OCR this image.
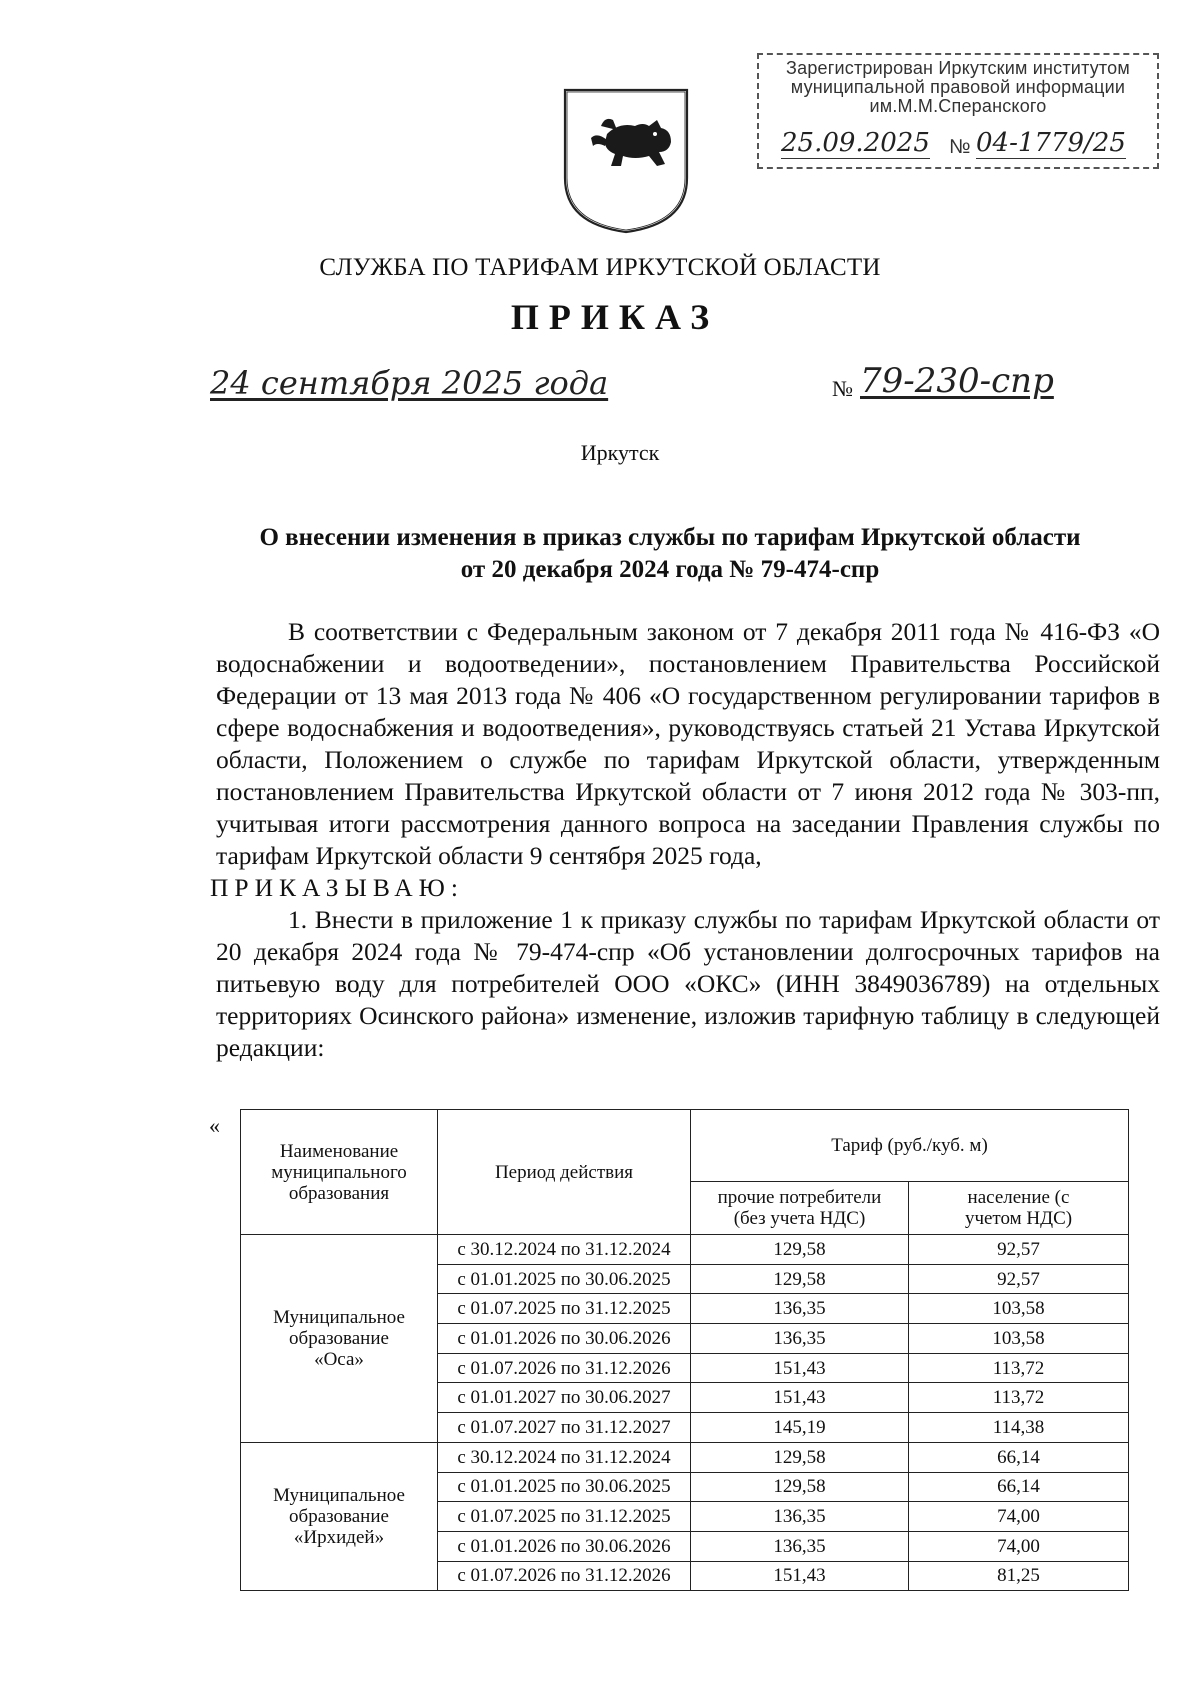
Зарегистрирован Иркутским институтом
муниципальной правовой информации
им.М.М.Сперанского
25.09.2025 № 04-1779/25
СЛУЖБА ПО ТАРИФАМ ИРКУТСКОЙ ОБЛАСТИ
ПРИКАЗ
24 сентября 2025 года	№ 79-230-спр
Иркутск
О внесении изменения в приказ службы по тарифам Иркутской области
от 20 декабря 2024 года № 79-474-спр

В соответствии с Федеральным законом от 7 декабря 2011 года № 416-ФЗ «О водоснабжении и водоотведении», постановлением Правительства Российской Федерации от 13 мая 2013 года № 406 «О государственном регулировании тарифов в сфере водоснабжения и водоотведения», руководствуясь статьей 21 Устава Иркутской области, Положением о службе по тарифам Иркутской области, утвержденным постановлением Правительства Иркутской области от 7 июня 2012 года № 303-пп, учитывая итоги рассмотрения данного вопроса на заседании Правления службы по тарифам Иркутской области 9 сентября 2025 года,

ПРИКАЗЫВАЮ:

1. Внести в приложение 1 к приказу службы по тарифам Иркутской области от 20 декабря 2024 года № 79-474-спр «Об установлении долгосрочных тарифов на питьевую воду для потребителей ООО «ОКС» (ИНН 3849036789) на отдельных территориях Осинского района» изменение, изложив тарифную таблицу в следующей редакции:

«
Наименование муниципального образования	Период действия	Тариф (руб./куб. м)	
		прочие потребители (без учета НДС)	население (с учетом НДС)
Муниципальное образование «Оса»	с 30.12.2024 по 31.12.2024	129,58	92,57
	с 01.01.2025 по 30.06.2025	129,58	92,57
	с 01.07.2025 по 31.12.2025	136,35	103,58
	с 01.01.2026 по 30.06.2026	136,35	103,58
	с 01.07.2026 по 31.12.2026	151,43	113,72
	с 01.01.2027 по 30.06.2027	151,43	113,72
	с 01.07.2027 по 31.12.2027	145,19	114,38
Муниципальное образование «Ирхидей»	с 30.12.2024 по 31.12.2024	129,58	66,14
	с 01.01.2025 по 30.06.2025	129,58	66,14
	с 01.07.2025 по 31.12.2025	136,35	74,00
	с 01.01.2026 по 30.06.2026	136,35	74,00
	с 01.07.2026 по 31.12.2026	151,43	81,25
